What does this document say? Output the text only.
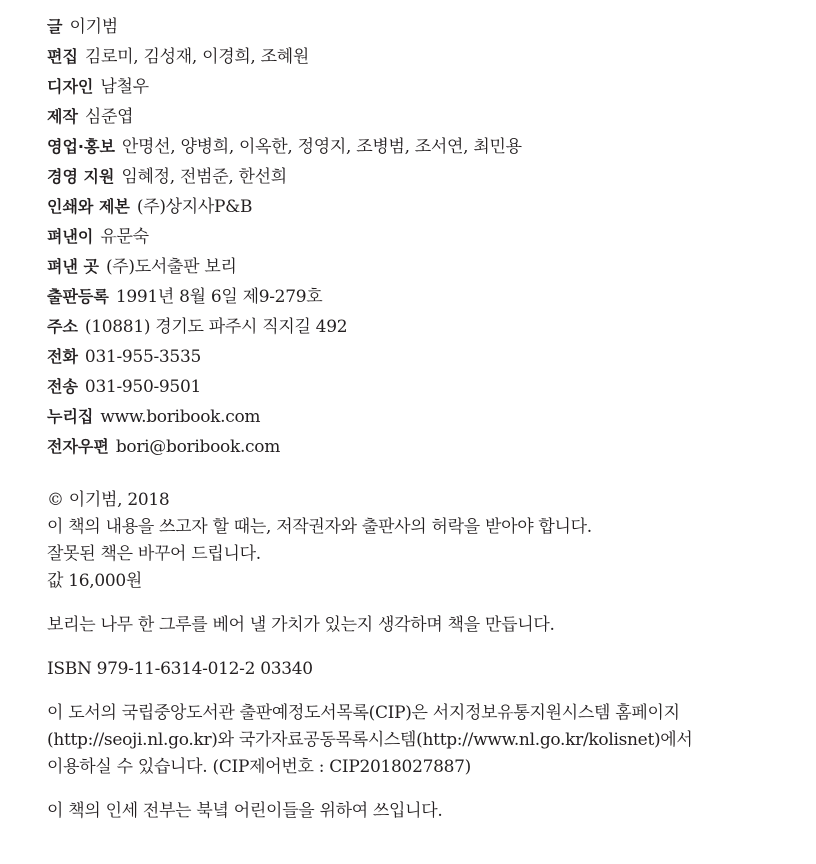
글 이기범
편집 김로미, 김성재, 이경희, 조혜원
디자인 남철우
제작 심준엽
영업·홍보 안명선, 양병희, 이옥한, 정영지, 조병범, 조서연, 최민용
경영 지원 임혜정, 전범준, 한선희
인쇄와 제본 (주)상지사P&B
펴낸이 유문숙
펴낸 곳 (주)도서출판 보리
출판등록 1991년 8월 6일 제9-279호
주소 (10881) 경기도 파주시 직지길 492
전화 031-955-3535
전송 031-950-9501
누리집 www.boribook.com
전자우편 bori@boribook.com

© 이기범, 2018

이 책의 내용을 쓰고자 할 때는, 저작권자와 출판사의 허락을 받아야 합니다.

잘못된 책은 바꾸어 드립니다.

값 16,000원

보리는 나무 한 그루를 베어 낼 가치가 있는지 생각하며 책을 만듭니다.

ISBN 979-11-6314-012-2 03340

이 도서의 국립중앙도서관 출판예정도서목록(CIP)은 서지정보유통지원시스템 홈페이지

(http://seoji.nl.go.kr)와 국가자료공동목록시스템(http://www.nl.go.kr/kolisnet)에서

이용하실 수 있습니다. (CIP제어번호 : CIP2018027887)

이 책의 인세 전부는 북녘 어린이들을 위하여 쓰입니다.
